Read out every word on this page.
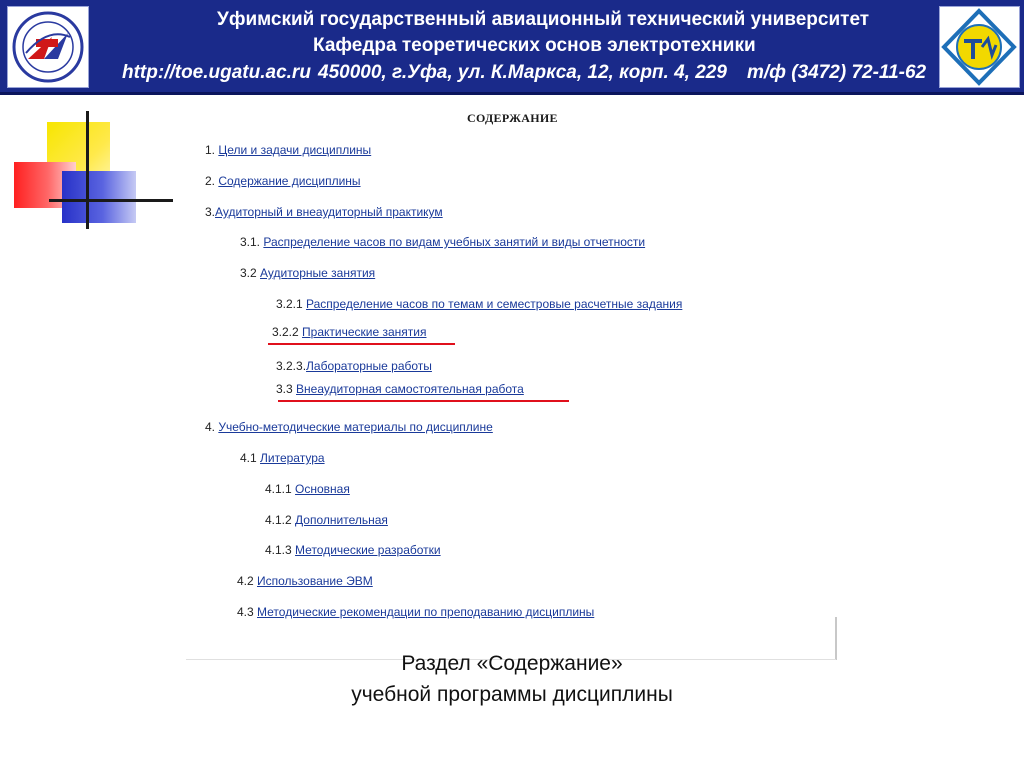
Уфимский государственный авиационный технический университет
Кафедра теоретических основ электротехники
http://toe.ugatu.ac.ru 450000, г.Уфа, ул. К.Маркса, 12, корп. 4, 229 т/ф (3472) 72-11-62
СОДЕРЖАНИЕ
1. Цели и задачи дисциплины
2. Содержание дисциплины
3.Аудиторный и внеаудиторный практикум
3.1. Распределение часов по видам учебных занятий и виды отчетности
3.2 Аудиторные занятия
3.2.1 Распределение часов по темам и семестровые расчетные задания
3.2.2 Практические занятия
3.2.3.Лабораторные работы
3.3 Внеаудиторная самостоятельная работа
4. Учебно-методические материалы по дисциплине
4.1 Литература
4.1.1 Основная
4.1.2 Дополнительная
4.1.3 Методические разработки
4.2 Использование ЭВМ
4.3 Методические рекомендации по преподаванию дисциплины
Раздел «Содержание»
учебной программы дисциплины
